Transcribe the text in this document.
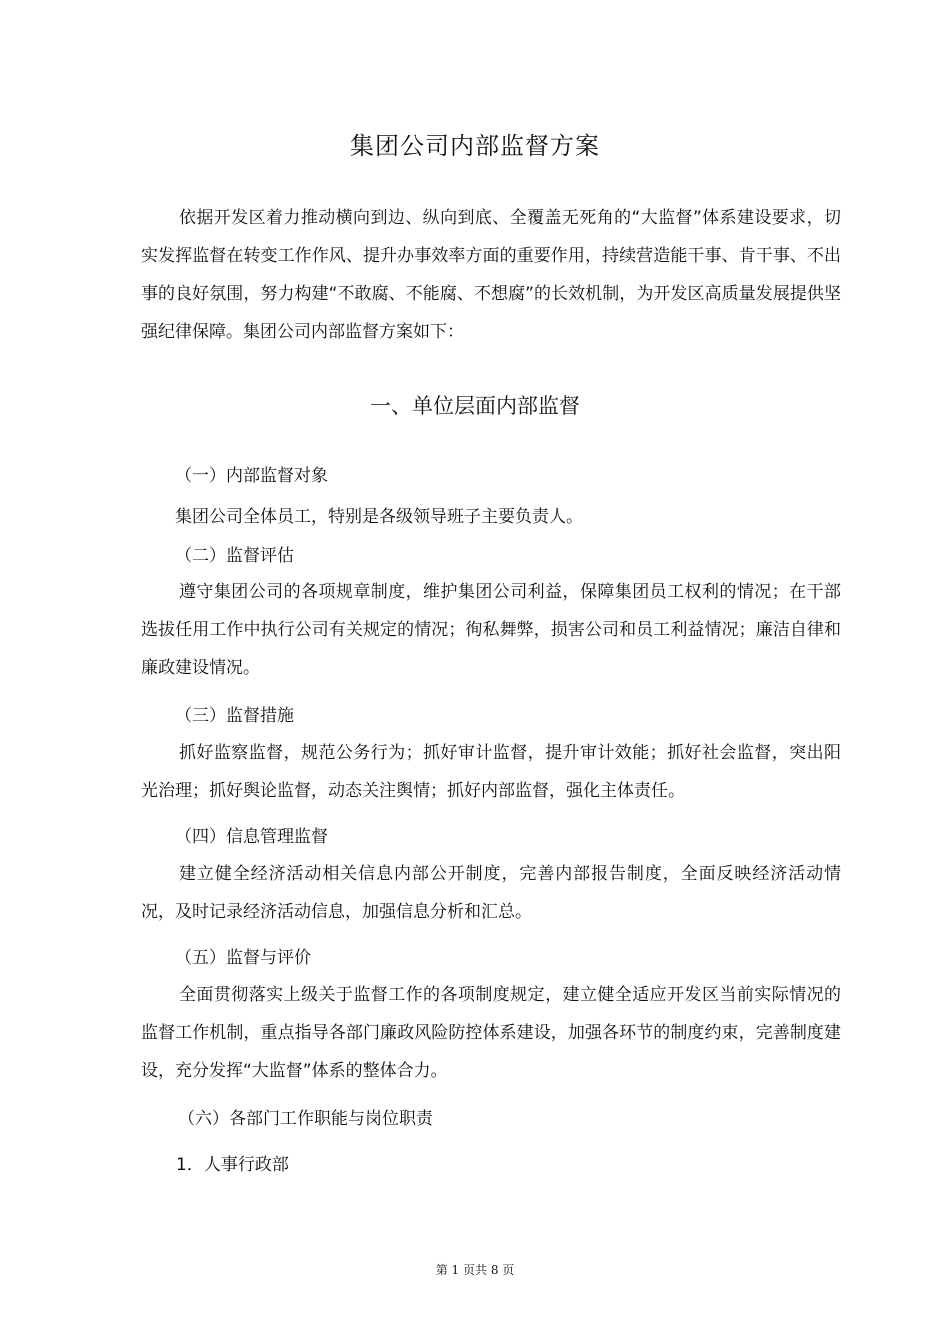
集团公司内部监督方案

依据开发区着力推动横向到边、纵向到底、全覆盖无死角的“大监督”体系建设要求，切实发挥监督在转变工作作风、提升办事效率方面的重要作用，持续营造能干事、肯干事、不出事的良好氛围，努力构建“不敢腐、不能腐、不想腐”的长效机制，为开发区高质量发展提供坚强纪律保障。集团公司内部监督方案如下：

一、单位层面内部监督
（一）内部监督对象
集团公司全体员工，特别是各级领导班子主要负责人。
（二）监督评估

遵守集团公司的各项规章制度，维护集团公司利益，保障集团员工权利的情况；在干部选拔任用工作中执行公司有关规定的情况；徇私舞弊，损害公司和员工利益情况；廉洁自律和廉政建设情况。

（三）监督措施

抓好监察监督，规范公务行为；抓好审计监督，提升审计效能；抓好社会监督，突出阳光治理；抓好舆论监督，动态关注舆情；抓好内部监督，强化主体责任。

（四）信息管理监督

建立健全经济活动相关信息内部公开制度，完善内部报告制度，全面反映经济活动情况，及时记录经济活动信息，加强信息分析和汇总。

（五）监督与评价

全面贯彻落实上级关于监督工作的各项制度规定，建立健全适应开发区当前实际情况的监督工作机制，重点指导各部门廉政风险防控体系建设，加强各环节的制度约束，完善制度建设，充分发挥“大监督”体系的整体合力。

（六）各部门工作职能与岗位职责
1．人事行政部
第 1 页共 8 页
